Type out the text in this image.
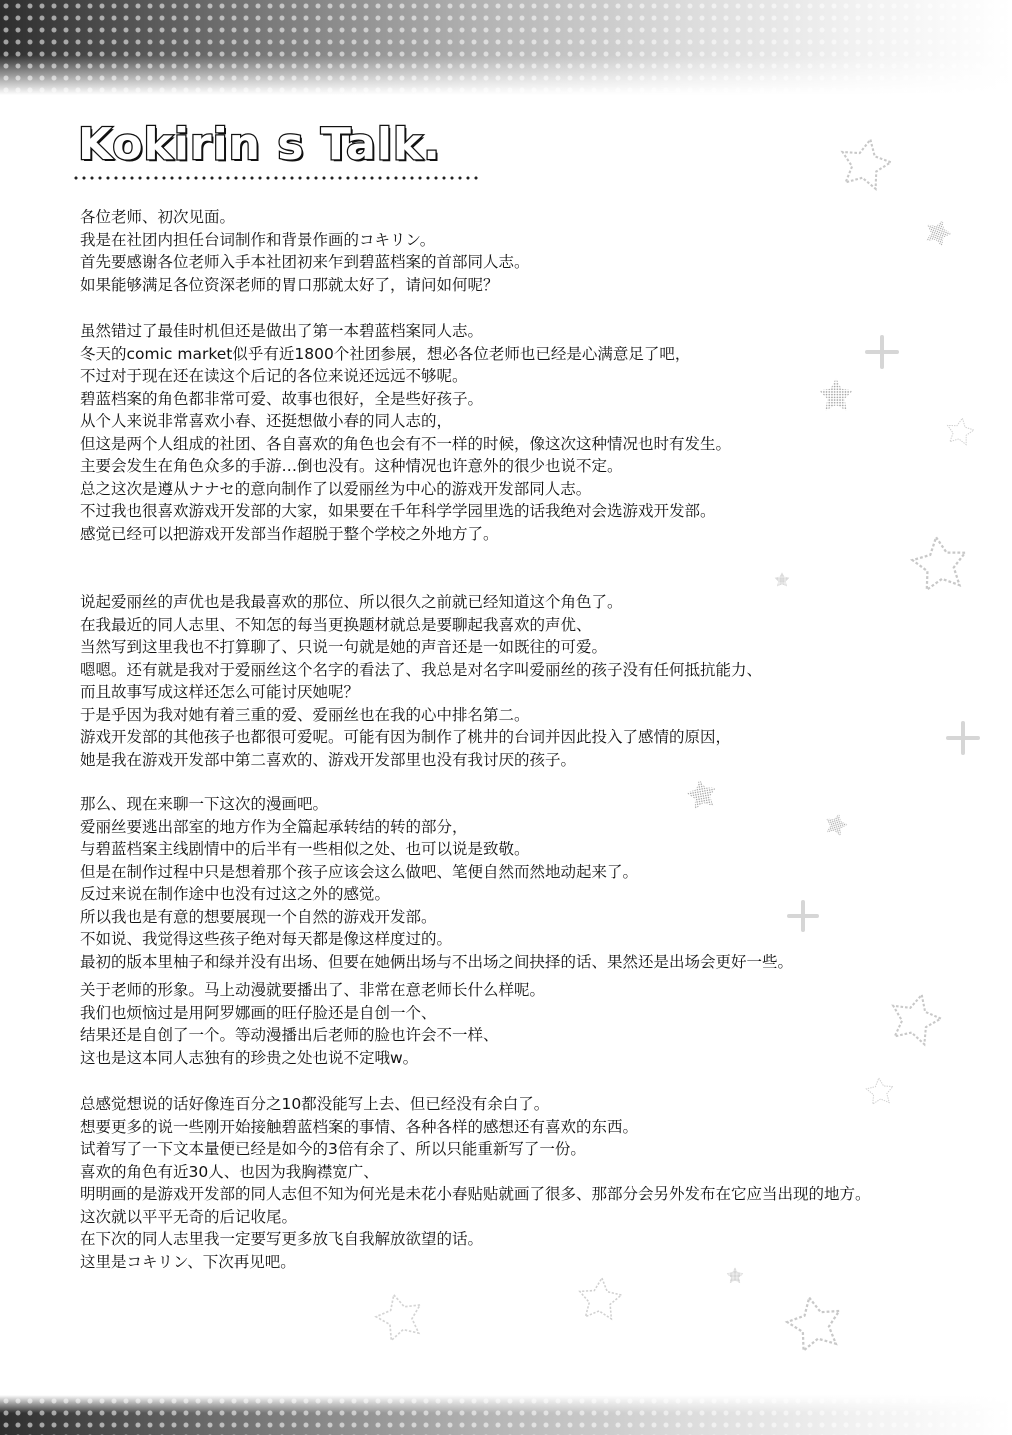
Kokirin s Talk.
各位老师、初次见面。
我是在社团内担任台词制作和背景作画的コキリン。
首先要感谢各位老师入手本社团初来乍到碧蓝档案的首部同人志。
如果能够满足各位资深老师的胃口那就太好了，请问如何呢？
虽然错过了最佳时机但还是做出了第一本碧蓝档案同人志。
冬天的comic market似乎有近1800个社团参展，想必各位老师也已经是心满意足了吧，
不过对于现在还在读这个后记的各位来说还远远不够呢。
碧蓝档案的角色都非常可爱、故事也很好，全是些好孩子。
从个人来说非常喜欢小春、还挺想做小春的同人志的，
但这是两个人组成的社团、各自喜欢的角色也会有不一样的时候，像这次这种情况也时有发生。
主要会发生在角色众多的手游…倒也没有。这种情况也许意外的很少也说不定。
总之这次是遵从ナナセ的意向制作了以爱丽丝为中心的游戏开发部同人志。
不过我也很喜欢游戏开发部的大家，如果要在千年科学学园里选的话我绝对会选游戏开发部。
感觉已经可以把游戏开发部当作超脱于整个学校之外地方了。
说起爱丽丝的声优也是我最喜欢的那位、所以很久之前就已经知道这个角色了。
在我最近的同人志里、不知怎的每当更换题材就总是要聊起我喜欢的声优、
当然写到这里我也不打算聊了、只说一句就是她的声音还是一如既往的可爱。
嗯嗯。还有就是我对于爱丽丝这个名字的看法了、我总是对名字叫爱丽丝的孩子没有任何抵抗能力、
而且故事写成这样还怎么可能讨厌她呢？
于是乎因为我对她有着三重的爱、爱丽丝也在我的心中排名第二。
游戏开发部的其他孩子也都很可爱呢。可能有因为制作了桃井的台词并因此投入了感情的原因，
她是我在游戏开发部中第二喜欢的、游戏开发部里也没有我讨厌的孩子。
那么、现在来聊一下这次的漫画吧。
爱丽丝要逃出部室的地方作为全篇起承转结的转的部分，
与碧蓝档案主线剧情中的后半有一些相似之处、也可以说是致敬。
但是在制作过程中只是想着那个孩子应该会这么做吧、笔便自然而然地动起来了。
反过来说在制作途中也没有过这之外的感觉。
所以我也是有意的想要展现一个自然的游戏开发部。
不如说、我觉得这些孩子绝对每天都是像这样度过的。
最初的版本里柚子和绿并没有出场、但要在她俩出场与不出场之间抉择的话、果然还是出场会更好一些。
关于老师的形象。马上动漫就要播出了、非常在意老师长什么样呢。
我们也烦恼过是用阿罗娜画的旺仔脸还是自创一个、
结果还是自创了一个。等动漫播出后老师的脸也许会不一样、
这也是这本同人志独有的珍贵之处也说不定哦w。
总感觉想说的话好像连百分之10都没能写上去、但已经没有余白了。
想要更多的说一些刚开始接触碧蓝档案的事情、各种各样的感想还有喜欢的东西。
试着写了一下文本量便已经是如今的3倍有余了、所以只能重新写了一份。
喜欢的角色有近30人、也因为我胸襟宽广、
明明画的是游戏开发部的同人志但不知为何光是未花小春贴贴就画了很多、那部分会另外发布在它应当出现的地方。
这次就以平平无奇的后记收尾。
在下次的同人志里我一定要写更多放飞自我解放欲望的话。
这里是コキリン、下次再见吧。
